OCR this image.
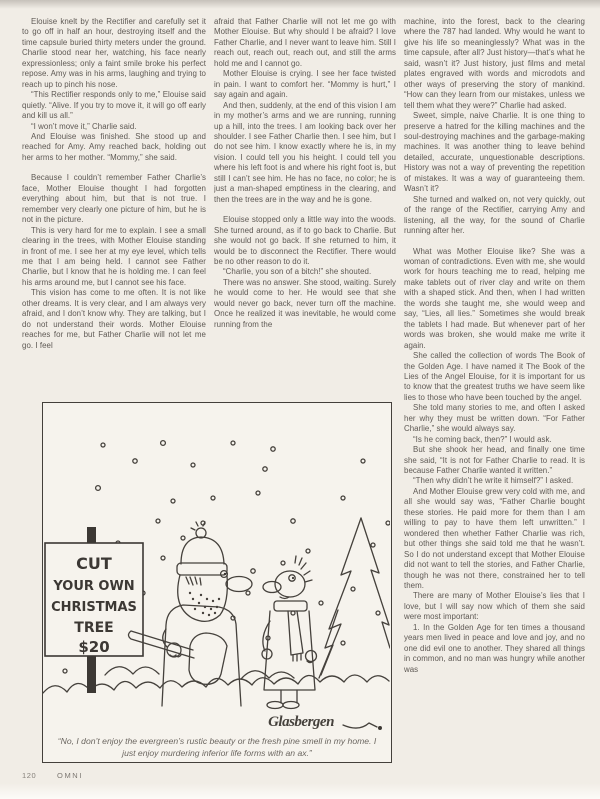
Elouise knelt by the Rectifier and carefully set it to go off in half an hour, destroying itself and the time capsule buried thirty meters under the ground. Charlie stood near her, watching, his face nearly expressionless; only a faint smile broke his perfect repose. Amy was in his arms, laughing and trying to reach up to pinch his nose.

“This Rectifier responds only to me,” Elouise said quietly. “Alive. If you try to move it, it will go off early and kill us all.”

“I won’t move it,” Charlie said.

And Elouise was finished. She stood up and reached for Amy. Amy reached back, holding out her arms to her mother. “Mommy,” she said.

Because I couldn’t remember Father Charlie’s face, Mother Elouise thought I had forgotten everything about him, but that is not true. I remember very clearly one picture of him, but he is not in the picture.

This is very hard for me to explain. I see a small clearing in the trees, with Mother Elouise standing in front of me. I see her at my eye level, which tells me that I am being held. I cannot see Father Charlie, but I know that he is holding me. I can feel his arms around me, but I cannot see his face.

This vision has come to me often. It is not like other dreams. It is very clear, and I am always very afraid, and I don’t know why. They are talking, but I do not understand their words. Mother Elouise reaches for me, but Father Charlie will not let me go. I feel

afraid that Father Charlie will not let me go with Mother Elouise. But why should I be afraid? I love Father Charlie, and I never want to leave him. Still I reach out, reach out, reach out, and still the arms hold me and I cannot go.

Mother Elouise is crying. I see her face twisted in pain. I want to comfort her. “Mommy is hurt,” I say again and again.

And then, suddenly, at the end of this vision I am in my mother’s arms and we are running, running up a hill, into the trees. I am looking back over her shoulder. I see Father Charlie then. I see him, but I do not see him. I know exactly where he is, in my vision. I could tell you his height. I could tell you where his left foot is and where his right foot is, but still I can’t see him. He has no face, no color; he is just a man-shaped emptiness in the clearing, and then the trees are in the way and he is gone.

Elouise stopped only a little way into the woods. She turned around, as if to go back to Charlie. But she would not go back. If she returned to him, it would be to disconnect the Rectifier. There would be no other reason to do it.

“Charlie, you son of a bitch!” she shouted.

There was no answer. She stood, waiting. Surely he would come to her. He would see that she would never go back, never turn off the machine. Once he realized it was inevitable, he would come running from the

machine, into the forest, back to the clearing where the 787 had landed. Why would he want to give his life so meaninglessly? What was in the time capsule, after all? Just history—that’s what he said, wasn’t it? Just history, just films and metal plates engraved with words and microdots and other ways of preserving the story of mankind. “How can they learn from our mistakes, unless we tell them what they were?” Charlie had asked.

Sweet, simple, naive Charlie. It is one thing to preserve a hatred for the killing machines and the soul-destroying machines and the garbage-making machines. It was another thing to leave behind detailed, accurate, unquestionable descriptions. History was not a way of preventing the repetition of mistakes. It was a way of guaranteeing them. Wasn’t it?

She turned and walked on, not very quickly, out of the range of the Rectifier, carrying Amy and listening, all the way, for the sound of Charlie running after her.

What was Mother Elouise like? She was a woman of contradictions. Even with me, she would work for hours teaching me to read, helping me make tablets out of river clay and write on them with a shaped stick. And then, when I had written the words she taught me, she would weep and say, “Lies, all lies.” Sometimes she would break the tablets I had made. But whenever part of her words was broken, she would make me write it again.

She called the collection of words The Book of the Golden Age. I have named it The Book of the Lies of the Angel Elouise, for it is important for us to know that the greatest truths we have seem like lies to those who have been touched by the angel.

She told many stories to me, and often I asked her why they must be written down. “For Father Charlie,” she would always say.

“Is he coming back, then?” I would ask.

But she shook her head, and finally one time she said, “It is not for Father Charlie to read. It is because Father Charlie wanted it written.”

“Then why didn’t he write it himself?” I asked.

And Mother Elouise grew very cold with me, and all she would say was, “Father Charlie bought these stories. He paid more for them than I am willing to pay to have them left unwritten.” I wondered then whether Father Charlie was rich, but other things she said told me that he wasn’t. So I do not understand except that Mother Elouise did not want to tell the stories, and Father Charlie, though he was not there, constrained her to tell them.

There are many of Mother Elouise’s lies that I love, but I will say now which of them she said were most important:

1. In the Golden Age for ten times a thousand years men lived in peace and love and joy, and no one did evil one to another. They shared all things in common, and no man was hungry while another was

CUT
YOUR OWN
CHRISTMAS
TREE
$20
Glasbergen
“No, I don’t enjoy the evergreen’s rustic beauty or the fresh pine smell in my home. I just enjoy murdering inferior life forms with an ax.”
120	OMNI
